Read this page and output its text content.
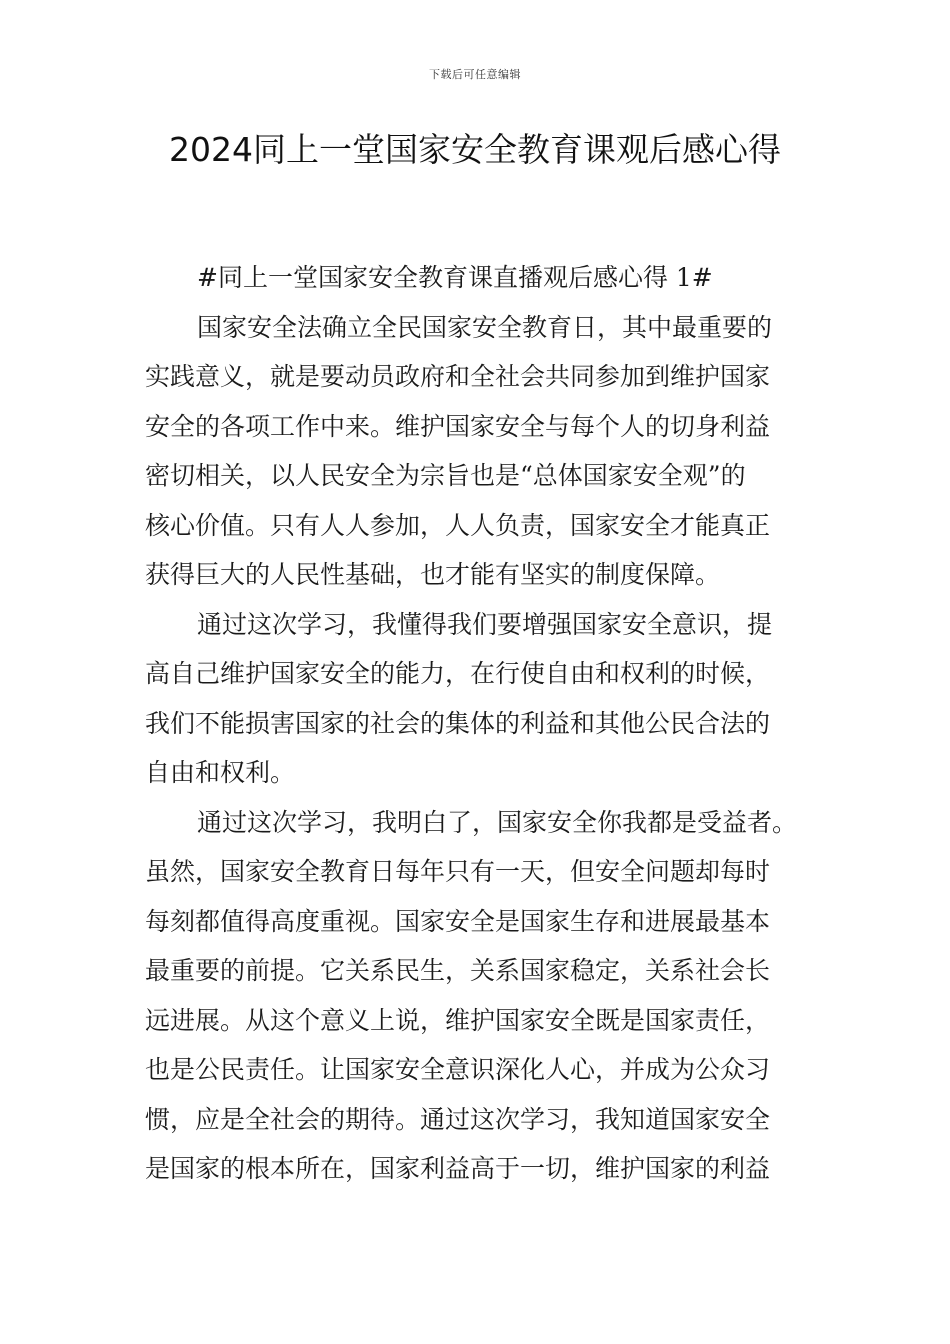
下载后可任意编辑
2024同上一堂国家安全教育课观后感心得
#同上一堂国家安全教育课直播观后感心得 1#
国家安全法确立全民国家安全教育日，其中最重要的
实践意义，就是要动员政府和全社会共同参加到维护国家
安全的各项工作中来。维护国家安全与每个人的切身利益
密切相关，以人民安全为宗旨也是“总体国家安全观”的
核心价值。只有人人参加，人人负责，国家安全才能真正
获得巨大的人民性基础，也才能有坚实的制度保障。
通过这次学习，我懂得我们要增强国家安全意识，提
高自己维护国家安全的能力，在行使自由和权利的时候，
我们不能损害国家的社会的集体的利益和其他公民合法的
自由和权利。
通过这次学习，我明白了，国家安全你我都是受益者。
虽然，国家安全教育日每年只有一天，但安全问题却每时
每刻都值得高度重视。国家安全是国家生存和进展最基本
最重要的前提。它关系民生，关系国家稳定，关系社会长
远进展。从这个意义上说，维护国家安全既是国家责任，
也是公民责任。让国家安全意识深化人心，并成为公众习
惯，应是全社会的期待。通过这次学习，我知道国家安全
是国家的根本所在，国家利益高于一切，维护国家的利益
